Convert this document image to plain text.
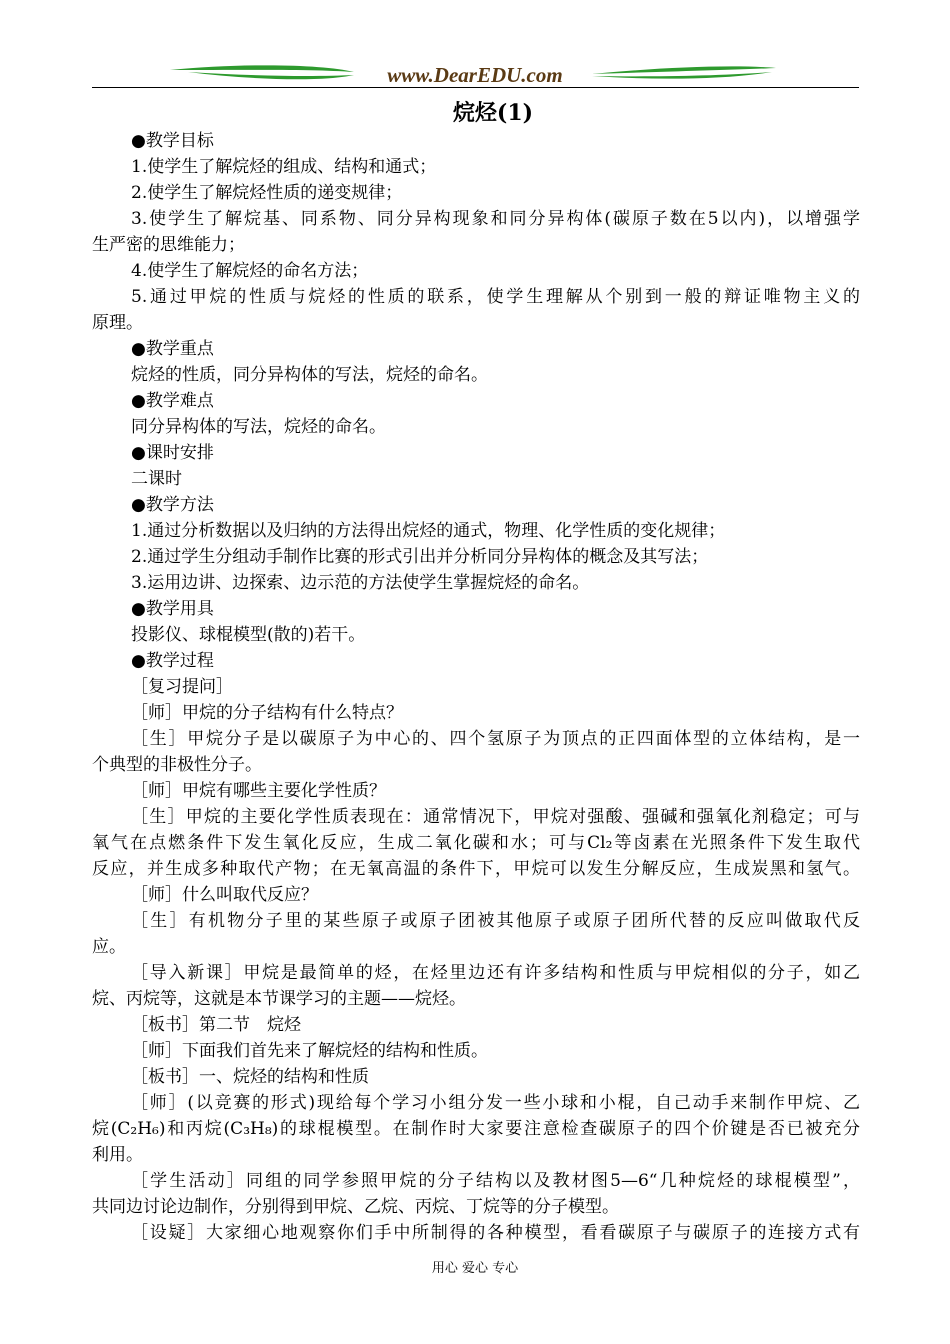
www.DearEDU.com
烷烃(1)
●教学目标
1.使学生了解烷烃的组成、结构和通式；
2.使学生了解烷烃性质的递变规律；
3.使学生了解烷基、同系物、同分异构现象和同分异构体(碳原子数在5以内)，以增强学
生严密的思维能力；
4.使学生了解烷烃的命名方法；
5.通过甲烷的性质与烷烃的性质的联系，使学生理解从个别到一般的辩证唯物主义的
原理。
●教学重点
烷烃的性质，同分异构体的写法，烷烃的命名。
●教学难点
同分异构体的写法，烷烃的命名。
●课时安排
二课时
●教学方法
1.通过分析数据以及归纳的方法得出烷烃的通式，物理、化学性质的变化规律；
2.通过学生分组动手制作比赛的形式引出并分析同分异构体的概念及其写法；
3.运用边讲、边探索、边示范的方法使学生掌握烷烃的命名。
●教学用具
投影仪、球棍模型(散的)若干。
●教学过程
［复习提问］
［师］甲烷的分子结构有什么特点？
［生］甲烷分子是以碳原子为中心的、四个氢原子为顶点的正四面体型的立体结构，是一
个典型的非极性分子。
［师］甲烷有哪些主要化学性质？
［生］甲烷的主要化学性质表现在：通常情况下，甲烷对强酸、强碱和强氧化剂稳定；可与
氧气在点燃条件下发生氧化反应，生成二氧化碳和水；可与Cl₂等卤素在光照条件下发生取代
反应，并生成多种取代产物；在无氧高温的条件下，甲烷可以发生分解反应，生成炭黑和氢气。
［师］什么叫取代反应？
［生］有机物分子里的某些原子或原子团被其他原子或原子团所代替的反应叫做取代反
应。
［导入新课］甲烷是最简单的烃，在烃里边还有许多结构和性质与甲烷相似的分子，如乙
烷、丙烷等，这就是本节课学习的主题——烷烃。
［板书］第二节　烷烃
［师］下面我们首先来了解烷烃的结构和性质。
［板书］一、烷烃的结构和性质
［师］(以竞赛的形式)现给每个学习小组分发一些小球和小棍，自己动手来制作甲烷、乙
烷(C₂H₆)和丙烷(C₃H₈)的球棍模型。在制作时大家要注意检查碳原子的四个价键是否已被充分
利用。
［学生活动］同组的同学参照甲烷的分子结构以及教材图5—6“几种烷烃的球棍模型”，
共同边讨论边制作，分别得到甲烷、乙烷、丙烷、丁烷等的分子模型。
［设疑］大家细心地观察你们手中所制得的各种模型，看看碳原子与碳原子的连接方式有
用心 爱心 专心
